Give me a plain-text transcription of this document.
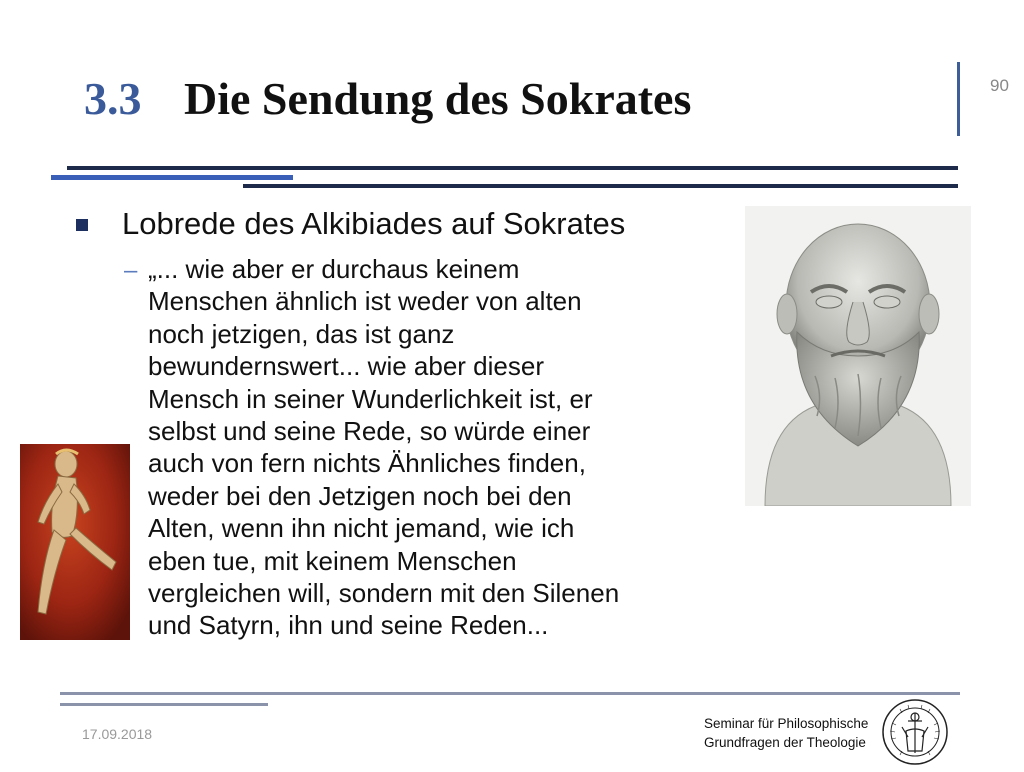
3.3 Die Sendung des Sokrates	90
Lobrede des Alkibiades auf Sokrates
– „... wie aber er durchaus keinem
Menschen ähnlich ist weder von alten
noch jetzigen, das ist ganz
bewundernswert... wie aber dieser
Mensch in seiner Wunderlichkeit ist, er
selbst und seine Rede, so würde einer
auch von fern nichts Ähnliches finden,
weder bei den Jetzigen noch bei den
Alten, wenn ihn nicht jemand, wie ich
eben tue, mit keinem Menschen
vergleichen will, sondern mit den Silenen
und Satyrn, ihn und seine Reden...
17.09.2018
Seminar für Philosophische
Grundfragen der Theologie
